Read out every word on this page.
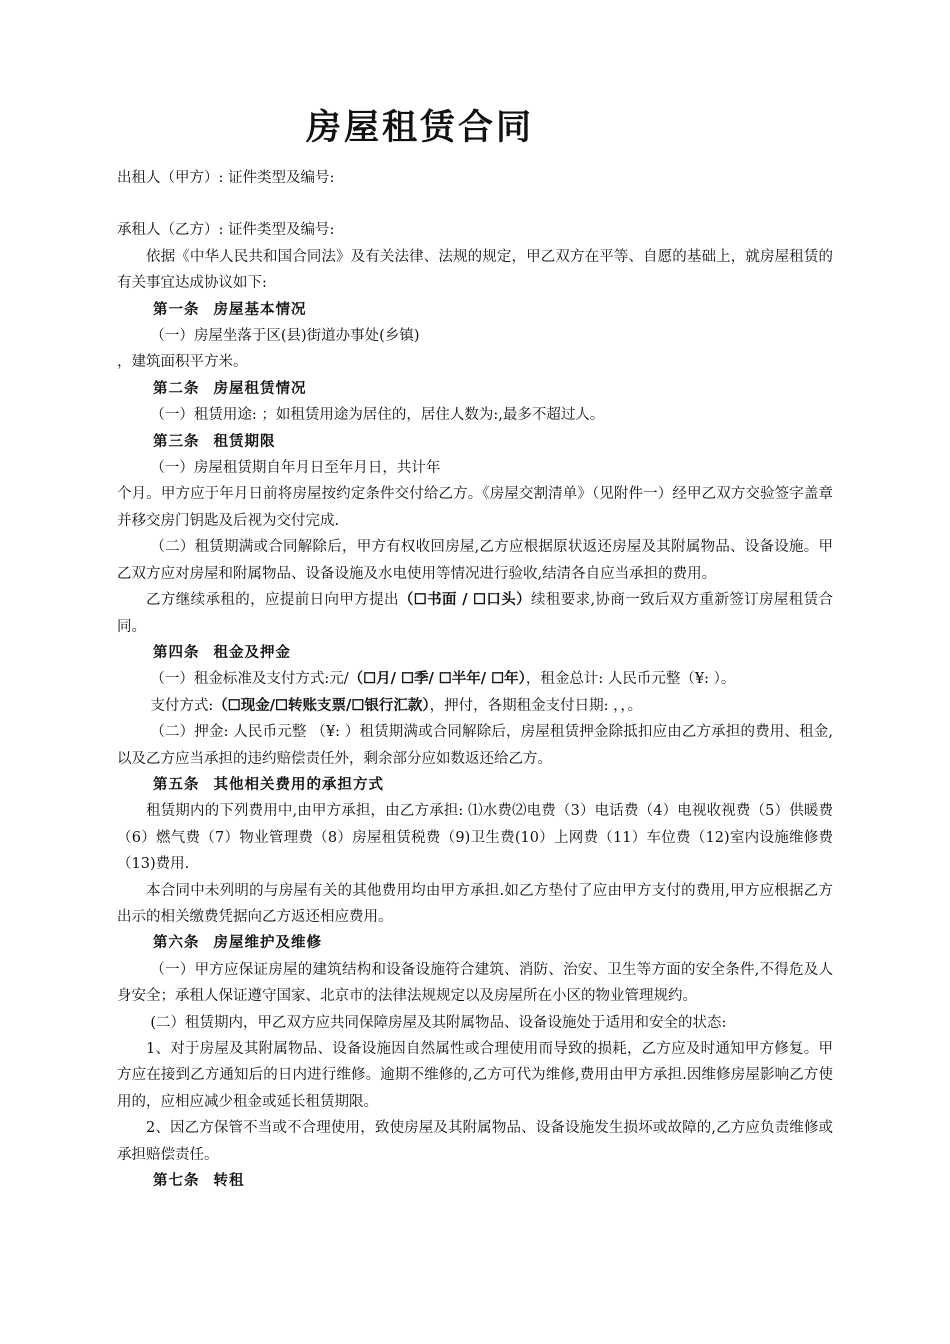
房屋租赁合同

出租人（甲方）: 证件类型及编号:

承租人（乙方）: 证件类型及编号:

依据《中华人民共和国合同法》及有关法律、法规的规定，甲乙双方在平等、自愿的基础上，就房屋租赁的有关事宜达成协议如下:

第一条 房屋基本情况

（一）房屋坐落于区(县)街道办事处(乡镇)

，建筑面积平方米。

第二条 房屋租赁情况

（一）租赁用途: ；如租赁用途为居住的，居住人数为:,最多不超过人。

第三条 租赁期限

（一）房屋租赁期自年月日至年月日，共计年

个月。甲方应于年月日前将房屋按约定条件交付给乙方。《房屋交割清单》（见附件一）经甲乙双方交验签字盖章并移交房门钥匙及后视为交付完成.

（二）租赁期满或合同解除后，甲方有权收回房屋,乙方应根据原状返还房屋及其附属物品、设备设施。甲乙双方应对房屋和附属物品、设备设施及水电使用等情况进行验收,结清各自应当承担的费用。

乙方继续承租的，应提前日向甲方提出（☐书面 / ☐口头）续租要求,协商一致后双方重新签订房屋租赁合同。

第四条 租金及押金

（一）租金标准及支付方式:元/（☐月/ ☐季/ ☐半年/ ☐年），租金总计: 人民币元整（¥: ）。

支付方式:（☐现金/☐转账支票/☐银行汇款），押付，各期租金支付日期: ，，。

（二）押金: 人民币元整 （¥: ）租赁期满或合同解除后，房屋租赁押金除抵扣应由乙方承担的费用、租金,以及乙方应当承担的违约赔偿责任外，剩余部分应如数返还给乙方。

第五条 其他相关费用的承担方式

租赁期内的下列费用中,由甲方承担，由乙方承担: ⑴水费⑵电费（3）电话费（4）电视收视费（5）供暖费（6）燃气费（7）物业管理费（8）房屋租赁税费（9)卫生费(10）上网费（11）车位费（12)室内设施维修费（13)费用.

本合同中未列明的与房屋有关的其他费用均由甲方承担.如乙方垫付了应由甲方支付的费用,甲方应根据乙方出示的相关缴费凭据向乙方返还相应费用。

第六条 房屋维护及维修

（一）甲方应保证房屋的建筑结构和设备设施符合建筑、消防、治安、卫生等方面的安全条件,不得危及人身安全；承租人保证遵守国家、北京市的法律法规规定以及房屋所在小区的物业管理规约。

(二）租赁期内，甲乙双方应共同保障房屋及其附属物品、设备设施处于适用和安全的状态:

1、对于房屋及其附属物品、设备设施因自然属性或合理使用而导致的损耗，乙方应及时通知甲方修复。甲方应在接到乙方通知后的日内进行维修。逾期不维修的,乙方可代为维修,费用由甲方承担.因维修房屋影响乙方使用的，应相应减少租金或延长租赁期限。

2、因乙方保管不当或不合理使用，致使房屋及其附属物品、设备设施发生损坏或故障的,乙方应负责维修或承担赔偿责任。

第七条 转租
